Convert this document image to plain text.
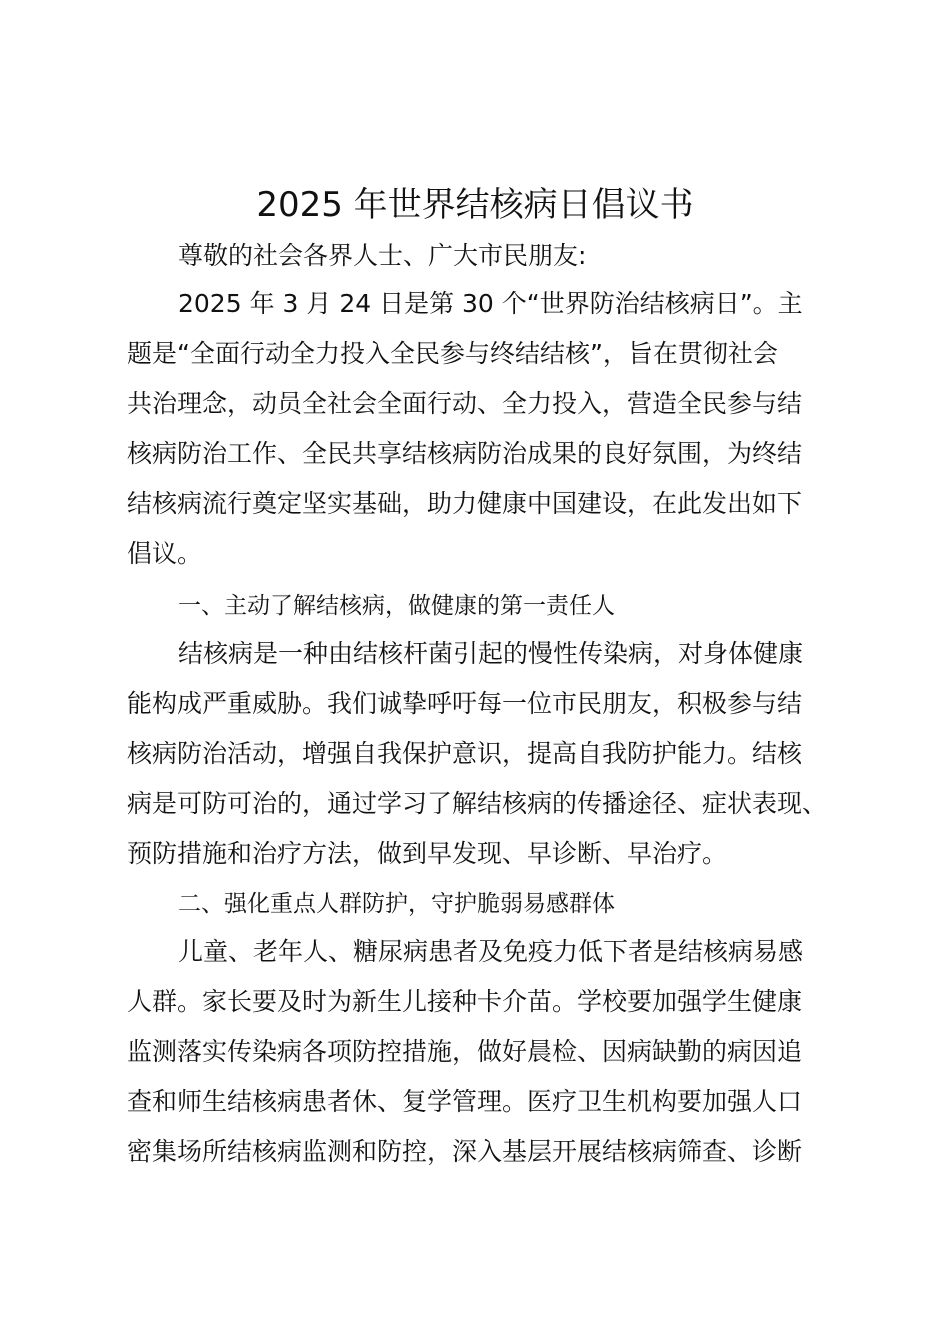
2025 年世界结核病日倡议书
尊敬的社会各界人士、广大市民朋友:
2025 年 3 月 24 日是第 30 个“世界防治结核病日”。主
题是“全面行动全力投入全民参与终结结核”，旨在贯彻社会
共治理念，动员全社会全面行动、全力投入，营造全民参与结
核病防治工作、全民共享结核病防治成果的良好氛围，为终结
结核病流行奠定坚实基础，助力健康中国建设，在此发出如下
倡议。
一、主动了解结核病，做健康的第一责任人
结核病是一种由结核杆菌引起的慢性传染病，对身体健康
能构成严重威胁。我们诚挚呼吁每一位市民朋友，积极参与结
核病防治活动，增强自我保护意识，提高自我防护能力。结核
病是可防可治的，通过学习了解结核病的传播途径、症状表现、
预防措施和治疗方法，做到早发现、早诊断、早治疗。
二、强化重点人群防护，守护脆弱易感群体
儿童、老年人、糖尿病患者及免疫力低下者是结核病易感
人群。家长要及时为新生儿接种卡介苗。学校要加强学生健康
监测落实传染病各项防控措施，做好晨检、因病缺勤的病因追
查和师生结核病患者休、复学管理。医疗卫生机构要加强人口
密集场所结核病监测和防控，深入基层开展结核病筛查、诊断
